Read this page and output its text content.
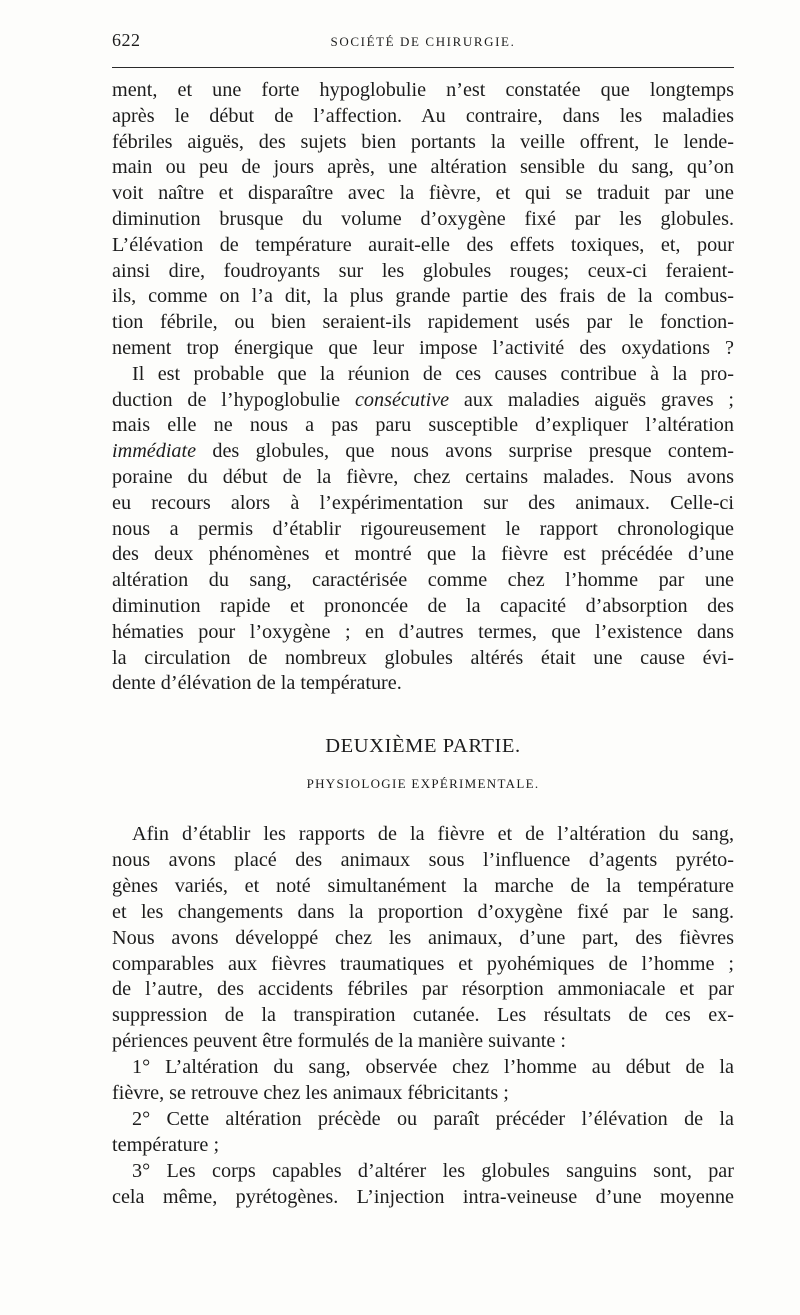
622	SOCIÉTÉ DE CHIRURGIE.
ment, et une forte hypoglobulie n’est constatée que longtemps
après le début de l’affection. Au contraire, dans les maladies
fébriles aiguës, des sujets bien portants la veille offrent, le lende-
main ou peu de jours après, une altération sensible du sang, qu’on
voit naître et disparaître avec la fièvre, et qui se traduit par une
diminution brusque du volume d’oxygène fixé par les globules.
L’élévation de température aurait-elle des effets toxiques, et, pour
ainsi dire, foudroyants sur les globules rouges; ceux-ci feraient-
ils, comme on l’a dit, la plus grande partie des frais de la combus-
tion fébrile, ou bien seraient-ils rapidement usés par le fonction-
nement trop énergique que leur impose l’activité des oxydations ?
Il est probable que la réunion de ces causes contribue à la pro-
duction de l’hypoglobulie consécutive aux maladies aiguës graves ;
mais elle ne nous a pas paru susceptible d’expliquer l’altération
immédiate des globules, que nous avons surprise presque contem-
poraine du début de la fièvre, chez certains malades. Nous avons
eu recours alors à l’expérimentation sur des animaux. Celle-ci
nous a permis d’établir rigoureusement le rapport chronologique
des deux phénomènes et montré que la fièvre est précédée d’une
altération du sang, caractérisée comme chez l’homme par une
diminution rapide et prononcée de la capacité d’absorption des
hématies pour l’oxygène ; en d’autres termes, que l’existence dans
la circulation de nombreux globules altérés était une cause évi-
dente d’élévation de la température.
DEUXIÈME PARTIE.
PHYSIOLOGIE EXPÉRIMENTALE.
Afin d’établir les rapports de la fièvre et de l’altération du sang,
nous avons placé des animaux sous l’influence d’agents pyréto-
gènes variés, et noté simultanément la marche de la température
et les changements dans la proportion d’oxygène fixé par le sang.
Nous avons développé chez les animaux, d’une part, des fièvres
comparables aux fièvres traumatiques et pyohémiques de l’homme ;
de l’autre, des accidents fébriles par résorption ammoniacale et par
suppression de la transpiration cutanée. Les résultats de ces ex-
périences peuvent être formulés de la manière suivante :
1° L’altération du sang, observée chez l’homme au début de la
fièvre, se retrouve chez les animaux fébricitants ;
2° Cette altération précède ou paraît précéder l’élévation de la
température ;
3° Les corps capables d’altérer les globules sanguins sont, par
cela même, pyrétogènes. L’injection intra-veineuse d’une moyenne
